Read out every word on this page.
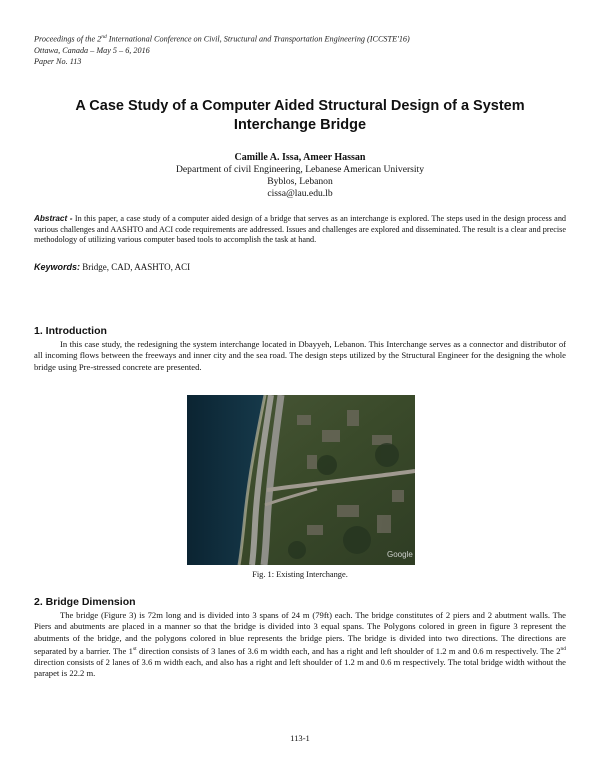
Proceedings of the 2nd International Conference on Civil, Structural and Transportation Engineering (ICCSTE'16)
Ottawa, Canada – May 5 – 6, 2016
Paper No. 113
A Case Study of a Computer Aided Structural Design of a System Interchange Bridge
Camille A. Issa, Ameer Hassan
Department of civil Engineering, Lebanese American University
Byblos, Lebanon
cissa@lau.edu.lb
Abstract - In this paper, a case study of a computer aided design of a bridge that serves as an interchange is explored. The steps used in the design process and various challenges and AASHTO and ACI code requirements are addressed. Issues and challenges are explored and disseminated. The result is a clear and precise methodology of utilizing various computer based tools to accomplish the task at hand.
Keywords: Bridge, CAD, AASHTO, ACI
1. Introduction
In this case study, the redesigning the system interchange located in Dbayyeh, Lebanon. This Interchange serves as a connector and distributor of all incoming flows between the freeways and inner city and the sea road. The design steps utilized by the Structural Engineer for the designing the whole bridge using Pre-stressed concrete are presented.
Google
Fig. 1: Existing Interchange.
2. Bridge Dimension
The bridge (Figure 3) is 72m long and is divided into 3 spans of 24 m (79ft) each. The bridge constitutes of 2 piers and 2 abutment walls. The Piers and abutments are placed in a manner so that the bridge is divided into 3 equal spans. The Polygons colored in green in figure 3 represent the abutments of the bridge, and the polygons colored in blue represents the bridge piers. The bridge is divided into two directions. The directions are separated by a barrier. The 1st direction consists of 3 lanes of 3.6 m width each, and has a right and left shoulder of 1.2 m and 0.6 m respectively. The 2nd direction consists of 2 lanes of 3.6 m width each, and also has a right and left shoulder of 1.2 m and 0.6 m respectively. The total bridge width without the parapet is 22.2 m.
113-1
